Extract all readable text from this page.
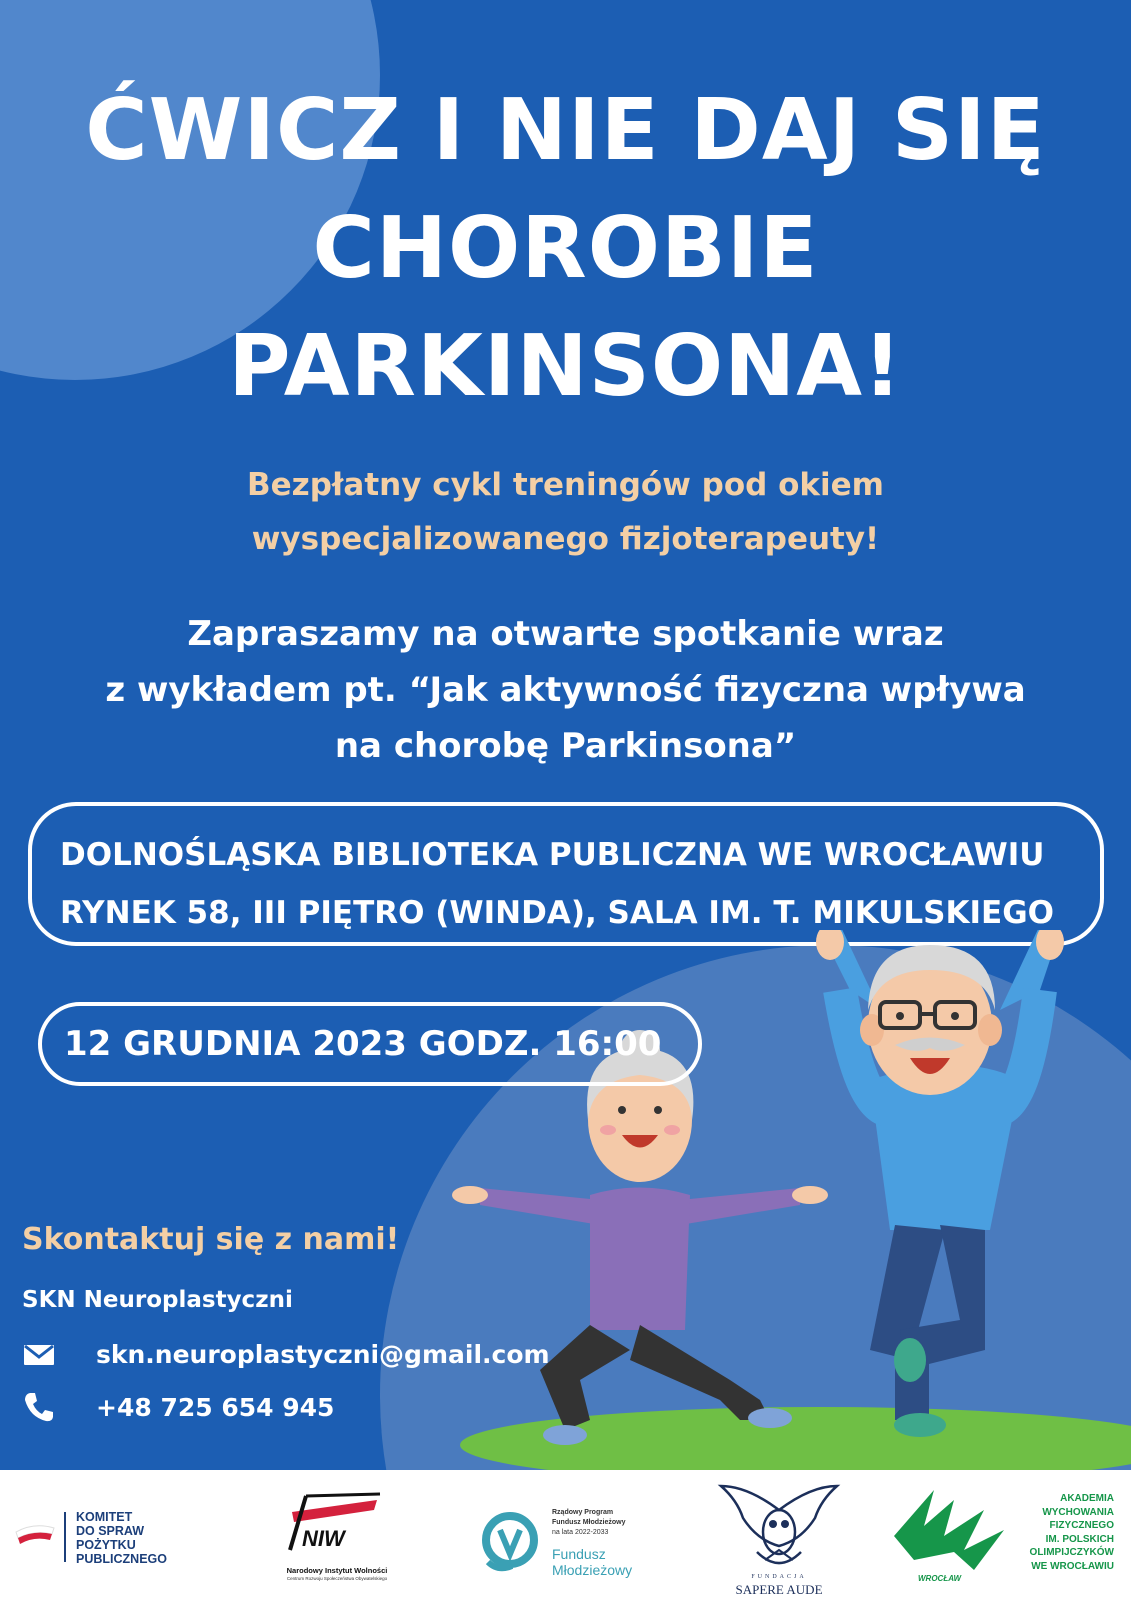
ĆWICZ I NIE DAJ SIĘ
CHOROBIE
PARKINSONA!
Bezpłatny cykl treningów pod okiem
wyspecjalizowanego fizjoterapeuty!
Zapraszamy na otwarte spotkanie wraz
z wykładem pt. “Jak aktywność fizyczna wpływa
na chorobę Parkinsona”
DOLNOŚLĄSKA BIBLIOTEKA PUBLICZNA WE WROCŁAWIU
RYNEK 58, III PIĘTRO (WINDA), SALA IM. T. MIKULSKIEGO
12 GRUDNIA 2023 GODZ. 16:00
Skontaktuj się z nami!
SKN Neuroplastyczni
skn.neuroplastyczni@gmail.com
+48 725 654 945
KOMITET
DO SPRAW
POŻYTKU
PUBLICZNEGO
NIW
Narodowy Instytut Wolności
Centrum Rozwoju Społeczeństwa Obywatelskiego
Rządowy Program
Fundusz Młodzieżowy
na lata 2022-2033
Fundusz
Młodzieżowy	FUNDACJA
SAPERE AUDE
WROCŁAW
AKADEMIA
WYCHOWANIA
FIZYCZNEGO
IM. POLSKICH
OLIMPIJCZYKÓW
WE WROCŁAWIU
